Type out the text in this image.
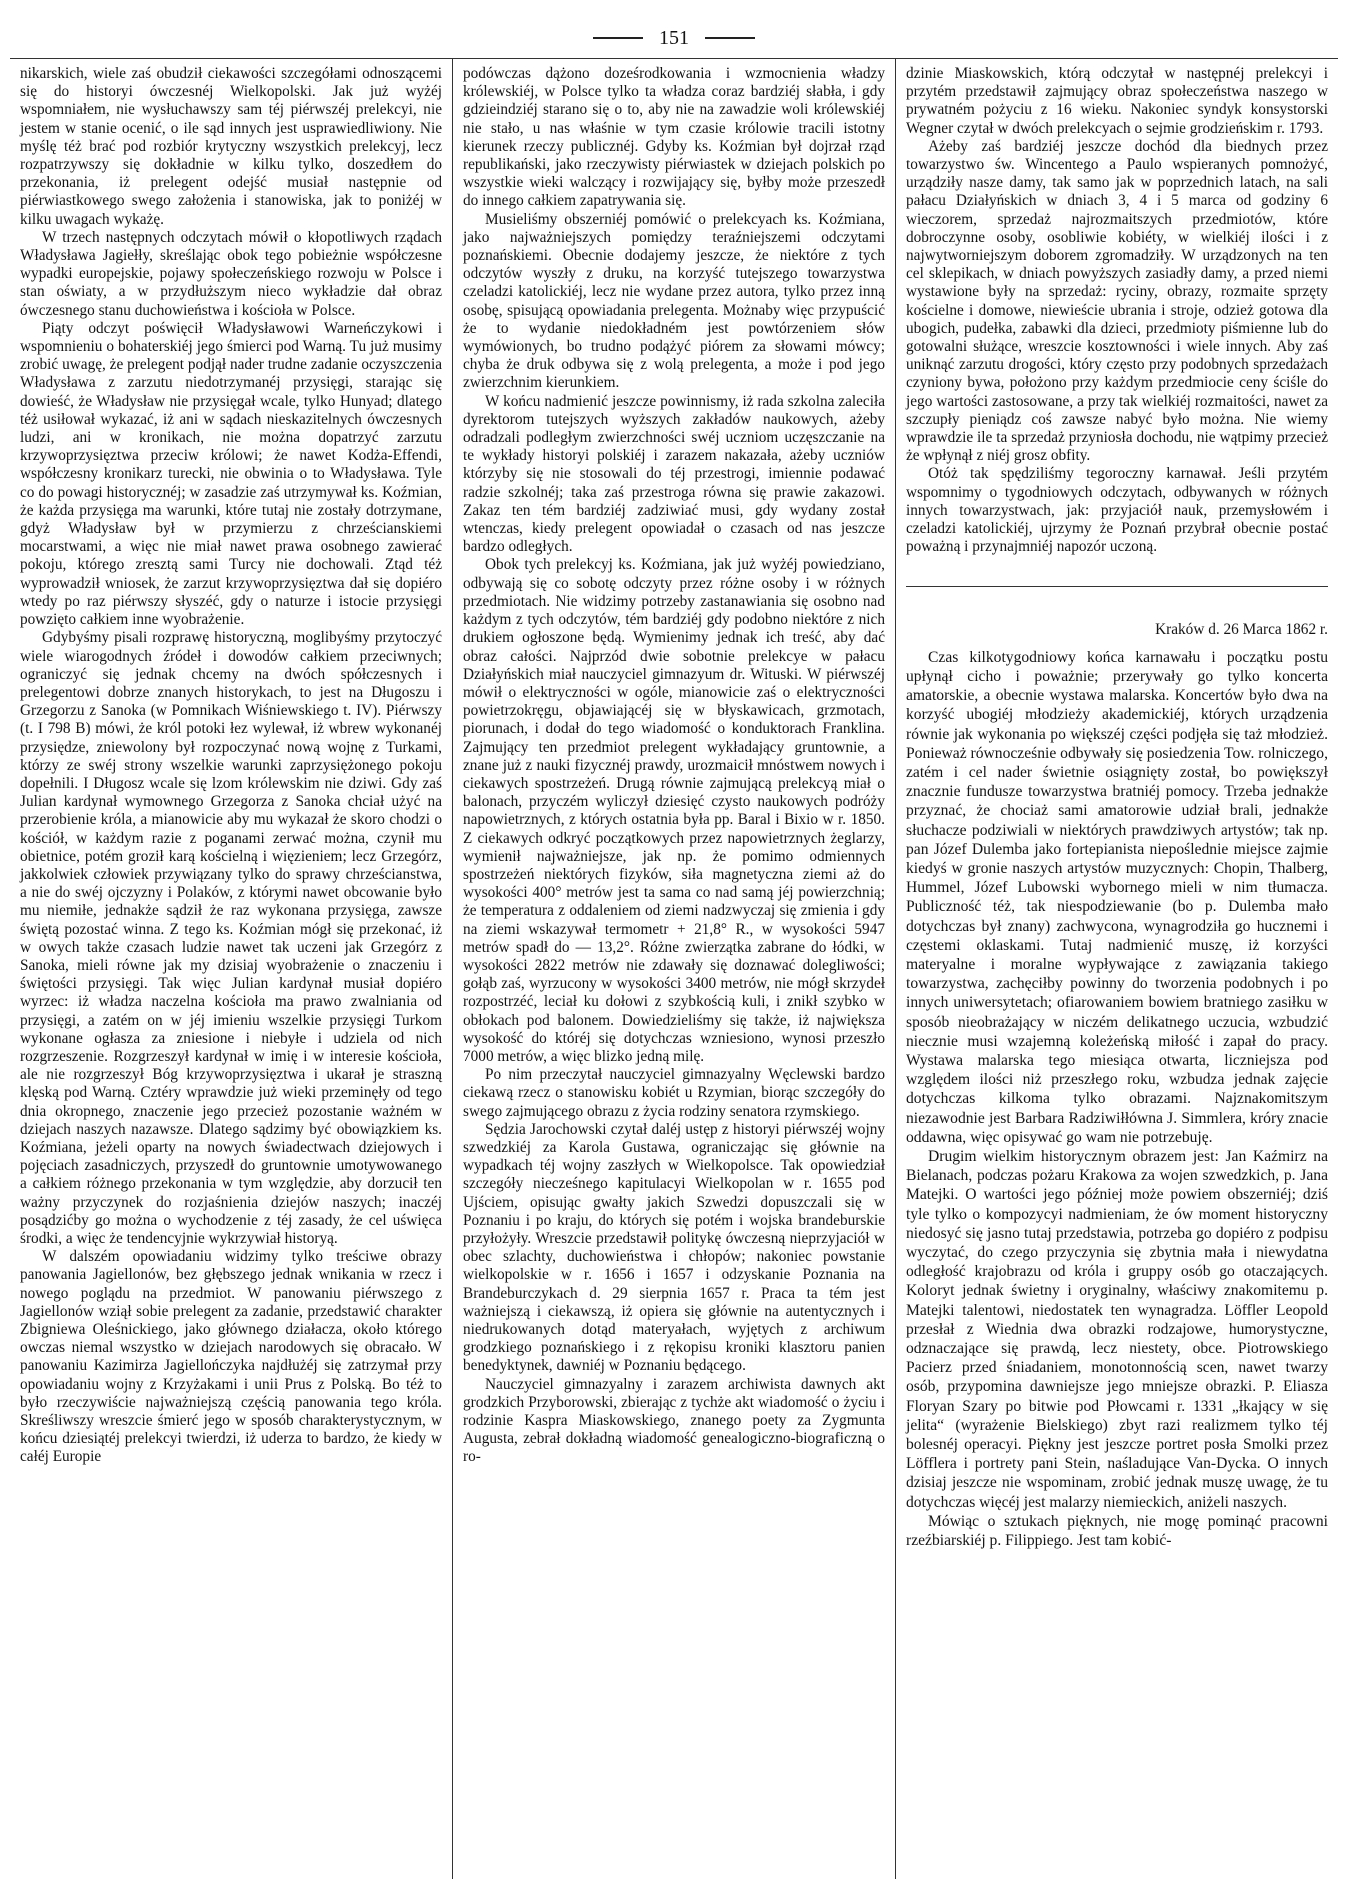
151

nikarskich, wiele zaś obudził ciekawości szczegółami odnoszącemi się do historyi ówczesnéj Wielkopolski. Jak już wyżéj wspomniałem, nie wysłuchawszy sam téj piérwszéj prelekcyi, nie jestem w stanie ocenić, o ile sąd innych jest usprawiedliwiony. Nie myślę téż brać pod rozbiór krytyczny wszystkich prelekcyj, lecz rozpatrzywszy się dokładnie w kilku tylko, doszedłem do przekonania, iż prelegent odejść musiał następnie od piérwiastkowego swego założenia i stanowiska, jak to poniżéj w kilku uwagach wykażę.

W trzech następnych odczytach mówił o kłopotliwych rządach Władysława Jagiełły, skreślając obok tego pobieżnie współczesne wypadki europejskie, pojawy społeczeńskiego rozwoju w Polsce i stan oświaty, a w przydłuższym nieco wykładzie dał obraz ówczesnego stanu duchowieństwa i kościoła w Polsce.

Piąty odczyt poświęcił Władysławowi Warneńczykowi i wspomnieniu o bohaterskiéj jego śmierci pod Warną. Tu już musimy zrobić uwagę, że prelegent podjął nader trudne zadanie oczyszczenia Władysława z zarzutu niedotrzymanéj przysięgi, starając się dowieść, że Władysław nie przysięgał wcale, tylko Hunyad; dlatego téż usiłował wykazać, iż ani w sądach nieskazitelnych ówczesnych ludzi, ani w kronikach, nie można dopatrzyć zarzutu krzywoprzysięztwa przeciw królowi; że nawet Kodża-Effendi, współczesny kronikarz turecki, nie obwinia o to Władysława. Tyle co do powagi historycznéj; w zasadzie zaś utrzymywał ks. Koźmian, że każda przysięga ma warunki, które tutaj nie zostały dotrzymane, gdyż Władysław był w przymierzu z chrześcianskiemi mocarstwami, a więc nie miał nawet prawa osobnego zawierać pokoju, którego zresztą sami Turcy nie dochowali. Ztąd téż wyprowadził wniosek, że zarzut krzywoprzysięztwa dał się dopiéro wtedy po raz piérwszy słyszéć, gdy o naturze i istocie przysięgi powzięto całkiem inne wyobrażenie.

Gdybyśmy pisali rozprawę historyczną, moglibyśmy przytoczyć wiele wiarogodnych źródeł i dowodów całkiem przeciwnych; ograniczyć się jednak chcemy na dwóch spółczesnych i prelegentowi dobrze znanych historykach, to jest na Długoszu i Grzegorzu z Sanoka (w Pomnikach Wiśniewskiego t. IV). Piérwszy (t. I 798 B) mówi, że król potoki łez wylewał, iż wbrew wykonanéj przysiędze, zniewolony był rozpoczynać nową wojnę z Turkami, którzy ze swéj strony wszelkie warunki zaprzysiężonego pokoju dopełnili. I Długosz wcale się lzom królewskim nie dziwi. Gdy zaś Julian kardynał wymownego Grzegorza z Sanoka chciał użyć na przerobienie króla, a mianowicie aby mu wykazał że skoro chodzi o kościół, w każdym razie z poganami zerwać można, czynił mu obietnice, potém groził karą kościelną i więzieniem; lecz Grzegórz, jakkolwiek człowiek przywiązany tylko do sprawy chrześcianstwa, a nie do swéj ojczyzny i Polaków, z którymi nawet obcowanie było mu niemiłe, jednakże sądził że raz wykonana przysięga, zawsze świętą pozostać winna. Z tego ks. Koźmian mógł się przekonać, iż w owych także czasach ludzie nawet tak uczeni jak Grzegórz z Sanoka, mieli równe jak my dzisiaj wyobrażenie o znaczeniu i świętości przysięgi. Tak więc Julian kardynał musiał dopiéro wyrzec: iż władza naczelna kościoła ma prawo zwalniania od przysięgi, a zatém on w jéj imieniu wszelkie przysięgi Turkom wykonane ogłasza za zniesione i niebyłe i udziela od nich rozgrzeszenie. Rozgrzeszył kardynał w imię i w interesie kościoła, ale nie rozgrzeszył Bóg krzywoprzysięztwa i ukarał je straszną klęską pod Warną. Cztéry wprawdzie już wieki przeminęły od tego dnia okropnego, znaczenie jego przecież pozostanie ważném w dziejach naszych nazawsze. Dlatego sądzimy być obowiązkiem ks. Koźmiana, jeżeli oparty na nowych świadectwach dziejowych i pojęciach zasadniczych, przyszedł do gruntownie umotywowanego a całkiem różnego przekonania w tym względzie, aby dorzucił ten ważny przyczynek do rozjaśnienia dziejów naszych; inaczéj posądzićby go można o wychodzenie z téj zasady, że cel uświęca środki, a więc że tendencyjnie wykrzywiał historyą.

W dalszém opowiadaniu widzimy tylko treściwe obrazy panowania Jagiellonów, bez głębszego jednak wnikania w rzecz i nowego poglądu na przedmiot. W panowaniu piérwszego z Jagiellonów wziął sobie prelegent za zadanie, przedstawić charakter Zbigniewa Oleśnickiego, jako głównego działacza, około którego owczas niemal wszystko w dziejach narodowych się obracało. W panowaniu Kazimirza Jagiellończyka najdłużéj się zatrzymał przy opowiadaniu wojny z Krzyżakami i unii Prus z Polską. Bo téż to było rzeczywiście najważniejszą częścią panowania tego króla. Skreśliwszy wreszcie śmierć jego w sposób charakterystycznym, w końcu dziesiątéj prelekcyi twierdzi, iż uderza to bardzo, że kiedy w całéj Europie

podówczas dążono doześrodkowania i wzmocnienia władzy królewskiéj, w Polsce tylko ta władza coraz bardziéj słabła, i gdy gdzieindziéj starano się o to, aby nie na zawadzie woli królewskiéj nie stało, u nas właśnie w tym czasie królowie tracili istotny kierunek rzeczy publicznéj. Gdyby ks. Koźmian był dojrzał rząd republikański, jako rzeczywisty piérwiastek w dziejach polskich po wszystkie wieki walczący i rozwijający się, byłby może przeszedł do innego całkiem zapatrywania się.

Musieliśmy obszerniéj pomówić o prelekcyach ks. Koźmiana, jako najważniejszych pomiędzy teraźniejszemi odczytami poznańskiemi. Obecnie dodajemy jeszcze, że niektóre z tych odczytów wyszły z druku, na korzyść tutejszego towarzystwa czeladzi katolickiéj, lecz nie wydane przez autora, tylko przez inną osobę, spisującą opowiadania prelegenta. Możnaby więc przypuścić że to wydanie niedokładném jest powtórzeniem słów wymówionych, bo trudno podążyć piórem za słowami mówcy; chyba że druk odbywa się z wolą prelegenta, a może i pod jego zwierzchnim kierunkiem.

W końcu nadmienić jeszcze powinnismy, iż rada szkolna zaleciła dyrektorom tutejszych wyższych zakładów naukowych, ażeby odradzali podległym zwierzchności swéj uczniom uczęszczanie na te wykłady historyi polskiéj i zarazem nakazała, ażeby uczniów którzyby się nie stosowali do téj przestrogi, imiennie podawać radzie szkolnéj; taka zaś przestroga równa się prawie zakazowi. Zakaz ten tém bardziéj zadziwiać musi, gdy wydany został wtenczas, kiedy prelegent opowiadał o czasach od nas jeszcze bardzo odległych.

Obok tych prelekcyj ks. Koźmiana, jak już wyżéj powiedziano, odbywają się co sobotę odczyty przez różne osoby i w różnych przedmiotach. Nie widzimy potrzeby zastanawiania się osobno nad każdym z tych odczytów, tém bardziéj gdy podobno niektóre z nich drukiem ogłoszone będą. Wymienimy jednak ich treść, aby dać obraz całości. Najprzód dwie sobotnie prelekcye w pałacu Działyńskich miał nauczyciel gimnazyum dr. Wituski. W piérwszéj mówił o elektryczności w ogóle, mianowicie zaś o elektryczności powietrzokręgu, objawiającéj się w błyskawicach, grzmotach, piorunach, i dodał do tego wiadomość o konduktorach Franklina. Zajmujący ten przedmiot prelegent wykładający gruntownie, a znane już z nauki fizycznéj prawdy, urozmaicił mnóstwem nowych i ciekawych spostrzeżeń. Drugą równie zajmującą prelekcyą miał o balonach, przyczém wyliczył dziesięć czysto naukowych podróży napowietrznych, z których ostatnia była pp. Baral i Bixio w r. 1850. Z ciekawych odkryć początkowych przez napowietrznych żeglarzy, wymienił najważniejsze, jak np. że pomimo odmiennych spostrzeżeń niektórych fizyków, siła magnetyczna ziemi aż do wysokości 400° metrów jest ta sama co nad samą jéj powierzchnią; że temperatura z oddaleniem od ziemi nadzwyczaj się zmienia i gdy na ziemi wskazywał termometr + 21,8° R., w wysokości 5947 metrów spadł do — 13,2°. Różne zwierzątka zabrane do łódki, w wysokości 2822 metrów nie zdawały się doznawać dolegliwości; gołąb zaś, wyrzucony w wysokości 3400 metrów, nie mógł skrzydeł rozpostrzéć, leciał ku dołowi z szybkością kuli, i znikł szybko w obłokach pod balonem. Dowiedzieliśmy się także, iż największa wysokość do któréj się dotychczas wzniesiono, wynosi przeszło 7000 metrów, a więc blizko jedną milę.

Po nim przeczytał nauczyciel gimnazyalny Węclewski bardzo ciekawą rzecz o stanowisku kobiét u Rzymian, biorąc szczegóły do swego zajmującego obrazu z życia rodziny senatora rzymskiego.

Sędzia Jarochowski czytał daléj ustęp z historyi piérwszéj wojny szwedzkiéj za Karola Gustawa, ograniczając się głównie na wypadkach téj wojny zaszłych w Wielkopolsce. Tak opowiedział szczegóły niecześnego kapitulacyi Wielkopolan w r. 1655 pod Ujściem, opisując gwałty jakich Szwedzi dopuszczali się w Poznaniu i po kraju, do których się potém i wojska brandeburskie przyłożyły. Wreszcie przedstawił politykę ówczesną nieprzyjaciół w obec szlachty, duchowieństwa i chłopów; nakoniec powstanie wielkopolskie w r. 1656 i 1657 i odzyskanie Poznania na Brandeburczykach d. 29 sierpnia 1657 r. Praca ta tém jest ważniejszą i ciekawszą, iż opiera się głównie na autentycznych i niedrukowanych dotąd materyałach, wyjętych z archiwum grodzkiego poznańskiego i z rękopisu kroniki klasztoru panien benedyktynek, dawniéj w Poznaniu będącego.

Nauczyciel gimnazyalny i zarazem archiwista dawnych akt grodzkich Przyborowski, zbierając z tychże akt wiadomość o życiu i rodzinie Kaspra Miaskowskiego, znanego poety za Zygmunta Augusta, zebrał dokładną wiadomość genealogiczno-biograficzną o ro-

dzinie Miaskowskich, którą odczytał w następnéj prelekcyi i przytém przedstawił zajmujący obraz społeczeństwa naszego w prywatném pożyciu z 16 wieku. Nakoniec syndyk konsystorski Wegner czytał w dwóch prelekcyach o sejmie grodzieńskim r. 1793.

Ażeby zaś bardziéj jeszcze dochód dla biednych przez towarzystwo św. Wincentego a Paulo wspieranych pomnożyć, urządziły nasze damy, tak samo jak w poprzednich latach, na sali pałacu Działyńskich w dniach 3, 4 i 5 marca od godziny 6 wieczorem, sprzedaż najrozmaitszych przedmiotów, które dobroczynne osoby, osobliwie kobiéty, w wielkiéj ilości i z najwytworniejszym doborem zgromadziły. W urządzonych na ten cel sklepikach, w dniach powyższych zasiadły damy, a przed niemi wystawione były na sprzedaż: ryciny, obrazy, rozmaite sprzęty kościelne i domowe, niewieście ubrania i stroje, odzież gotowa dla ubogich, pudełka, zabawki dla dzieci, przedmioty piśmienne lub do gotowalni służące, wreszcie kosztowności i wiele innych. Aby zaś uniknąć zarzutu drogości, który często przy podobnych sprzedażach czyniony bywa, położono przy każdym przedmiocie ceny ściśle do jego wartości zastosowane, a przy tak wielkiéj rozmaitości, nawet za szczupły pieniądz coś zawsze nabyć było można. Nie wiemy wprawdzie ile ta sprzedaż przyniosła dochodu, nie wątpimy przecież że wpłynął z niéj grosz obfity.

Otóż tak spędziliśmy tegoroczny karnawał. Jeśli przytém wspomnimy o tygodniowych odczytach, odbywanych w różnych innych towarzystwach, jak: przyjaciół nauk, przemysłowém i czeladzi katolickiéj, ujrzymy że Poznań przybrał obecnie postać poważną i przynajmniéj napozór uczoną.

Kraków d. 26 Marca 1862 r.

Czas kilkotygodniowy końca karnawału i początku postu upłynął cicho i poważnie; przerywały go tylko koncerta amatorskie, a obecnie wystawa malarska. Koncertów było dwa na korzyść ubogiéj młodzieży akademickiéj, których urządzenia równie jak wykonania po większéj części podjęła się taż młodzież. Ponieważ równocześnie odbywały się posiedzenia Tow. rolniczego, zatém i cel nader świetnie osiągnięty został, bo powiększył znacznie fundusze towarzystwa bratniéj pomocy. Trzeba jednakże przyznać, że chociaż sami amatorowie udział brali, jednakże słuchacze podziwiali w niektórych prawdziwych artystów; tak np. pan Józef Dulemba jako fortepianista niepoślednie miejsce zajmie kiedyś w gronie naszych artystów muzycznych: Chopin, Thalberg, Hummel, Józef Lubowski wybornego mieli w nim tłumacza. Publiczność téż, tak niespodziewanie (bo p. Dulemba mało dotychczas był znany) zachwycona, wynagrodziła go hucznemi i częstemi oklaskami. Tutaj nadmienić muszę, iż korzyści materyalne i moralne wypływające z zawiązania takiego towarzystwa, zachęciłby powinny do tworzenia podobnych i po innych uniwersytetach; ofiarowaniem bowiem bratniego zasiłku w sposób nieobrażający w niczém delikatnego uczucia, wzbudzić niecznie musi wzajemną koleżeńską miłość i zapał do pracy. Wystawa malarska tego miesiąca otwarta, liczniejsza pod względem ilości niż przeszłego roku, wzbudza jednak zajęcie dotychczas kilkoma tylko obrazami. Najznakomitszym niezawodnie jest Barbara Radziwiłłówna J. Simmlera, króry znacie oddawna, więc opisywać go wam nie potrzebuję.

Drugim wielkim historycznym obrazem jest: Jan Kaźmirz na Bielanach, podczas pożaru Krakowa za wojen szwedzkich, p. Jana Matejki. O wartości jego później może powiem obszerniéj; dziś tyle tylko o kompozycyi nadmieniam, że ów moment historyczny niedosyć się jasno tutaj przedstawia, potrzeba go dopiéro z podpisu wyczytać, do czego przyczynia się zbytnia mała i niewydatna odległość krajobrazu od króla i gruppy osób go otaczających. Koloryt jednak świetny i oryginalny, właściwy znakomitemu p. Matejki talentowi, niedostatek ten wynagradza. Löffler Leopold przesłał z Wiednia dwa obrazki rodzajowe, humorystyczne, odznaczające się prawdą, lecz niestety, obce. Piotrowskiego Pacierz przed śniadaniem, monotonnością scen, nawet twarzy osób, przypomina dawniejsze jego mniejsze obrazki. P. Eliasza Floryan Szary po bitwie pod Płowcami r. 1331 „łkający w się jelita“ (wyrażenie Bielskiego) zbyt razi realizmem tylko téj bolesnéj operacyi. Piękny jest jeszcze portret posła Smolki przez Löfflera i portrety pani Stein, naśladujące Van-Dycka. O innych dzisiaj jeszcze nie wspominam, zrobić jednak muszę uwagę, że tu dotychczas więcéj jest malarzy niemieckich, aniżeli naszych.

Mówiąc o sztukach pięknych, nie mogę pominąć pracowni rzeźbiarskiéj p. Filippiego. Jest tam kobić-
